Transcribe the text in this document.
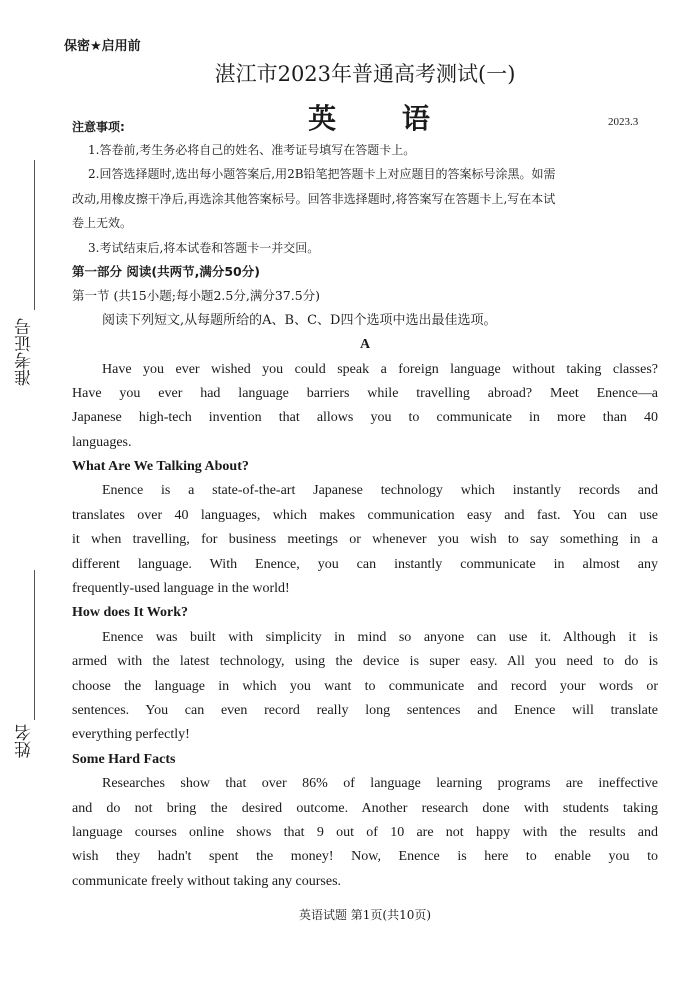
保密★启用前
湛江市2023年普通高考测试(一)
英 语
注意事项:	2023.3
准考证号
姓名
1.答卷前,考生务必将自己的姓名、准考证号填写在答题卡上。
2.回答选择题时,选出每小题答案后,用2B铅笔把答题卡上对应题目的答案标号涂黑。如需
改动,用橡皮擦干净后,再选涂其他答案标号。回答非选择题时,将答案写在答题卡上,写在本试
卷上无效。
3.考试结束后,将本试卷和答题卡一并交回。
第一部分 阅读(共两节,满分50分)
第一节 (共15小题;每小题2.5分,满分37.5分)
阅读下列短文,从每题所给的A、B、C、D四个选项中选出最佳选项。
A
Have you ever wished you could speak a foreign language without taking classes?
Have you ever had language barriers while travelling abroad? Meet Enence—a
Japanese high-tech invention that allows you to communicate in more than 40
languages.
What Are We Talking About?
Enence is a state-of-the-art Japanese technology which instantly records and
translates over 40 languages, which makes communication easy and fast. You can use
it when travelling, for business meetings or whenever you wish to say something in a
different language. With Enence, you can instantly communicate in almost any
frequently-used language in the world!
How does It Work?
Enence was built with simplicity in mind so anyone can use it. Although it is
armed with the latest technology, using the device is super easy. All you need to do is
choose the language in which you want to communicate and record your words or
sentences. You can even record really long sentences and Enence will translate
everything perfectly!
Some Hard Facts
Researches show that over 86% of language learning programs are ineffective
and do not bring the desired outcome. Another research done with students taking
language courses online shows that 9 out of 10 are not happy with the results and
wish they hadn't spent the money! Now, Enence is here to enable you to
communicate freely without taking any courses.
英语试题 第1页(共10页)
